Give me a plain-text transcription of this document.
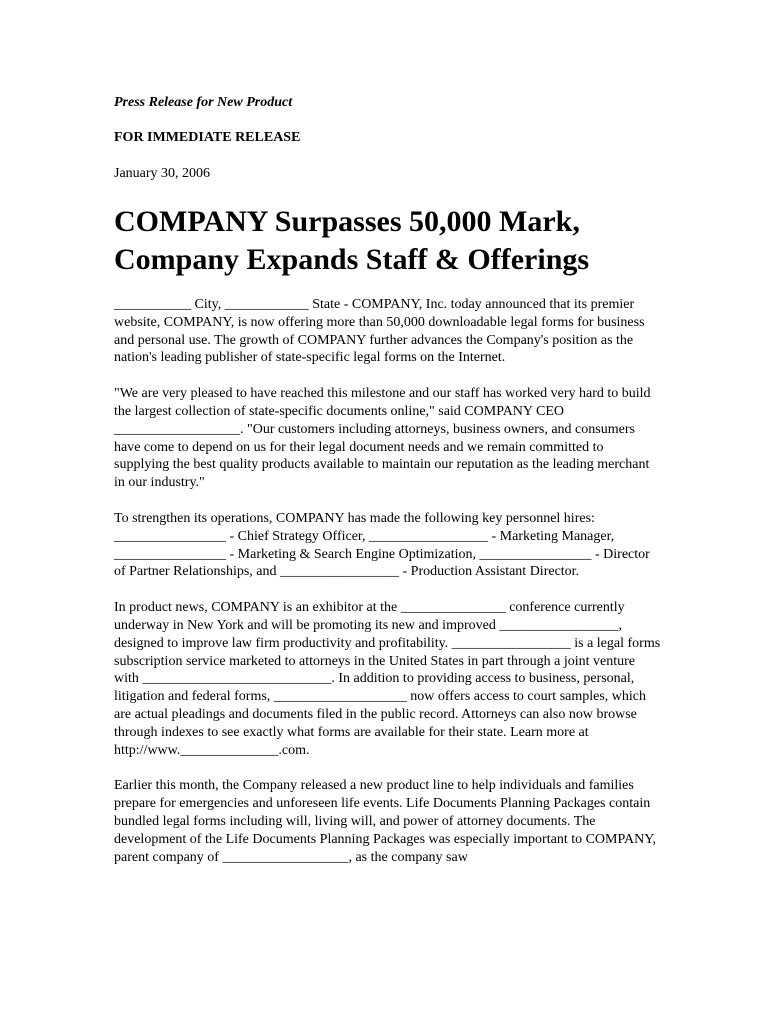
Press Release for New Product

FOR IMMEDIATE RELEASE

January 30, 2006

COMPANY Surpasses 50,000 Mark,
Company Expands Staff & Offerings

___________ City, ____________ State - COMPANY, Inc. today announced that its premier website, COMPANY, is now offering more than 50,000 downloadable legal forms for business and personal use. The growth of COMPANY further advances the Company's position as the nation's leading publisher of state-specific legal forms on the Internet.

"We are very pleased to have reached this milestone and our staff has worked very hard to build the largest collection of state-specific documents online," said COMPANY CEO __________________. "Our customers including attorneys, business owners, and consumers have come to depend on us for their legal document needs and we remain committed to supplying the best quality products available to maintain our reputation as the leading merchant in our industry."

To strengthen its operations, COMPANY has made the following key personnel hires: ________________ - Chief Strategy Officer, _________________ - Marketing Manager, ________________ - Marketing & Search Engine Optimization, ________________ - Director of Partner Relationships, and _________________ - Production Assistant Director.

In product news, COMPANY is an exhibitor at the _______________ conference currently underway in New York and will be promoting its new and improved _________________, designed to improve law firm productivity and profitability. _________________ is a legal forms subscription service marketed to attorneys in the United States in part through a joint venture with ___________________________. In addition to providing access to business, personal, litigation and federal forms, ___________________ now offers access to court samples, which are actual pleadings and documents filed in the public record. Attorneys can also now browse through indexes to see exactly what forms are available for their state. Learn more at http://www.______________.com.

Earlier this month, the Company released a new product line to help individuals and families prepare for emergencies and unforeseen life events. Life Documents Planning Packages contain bundled legal forms including will, living will, and power of attorney documents. The development of the Life Documents Planning Packages was especially important to COMPANY, parent company of __________________, as the company saw
